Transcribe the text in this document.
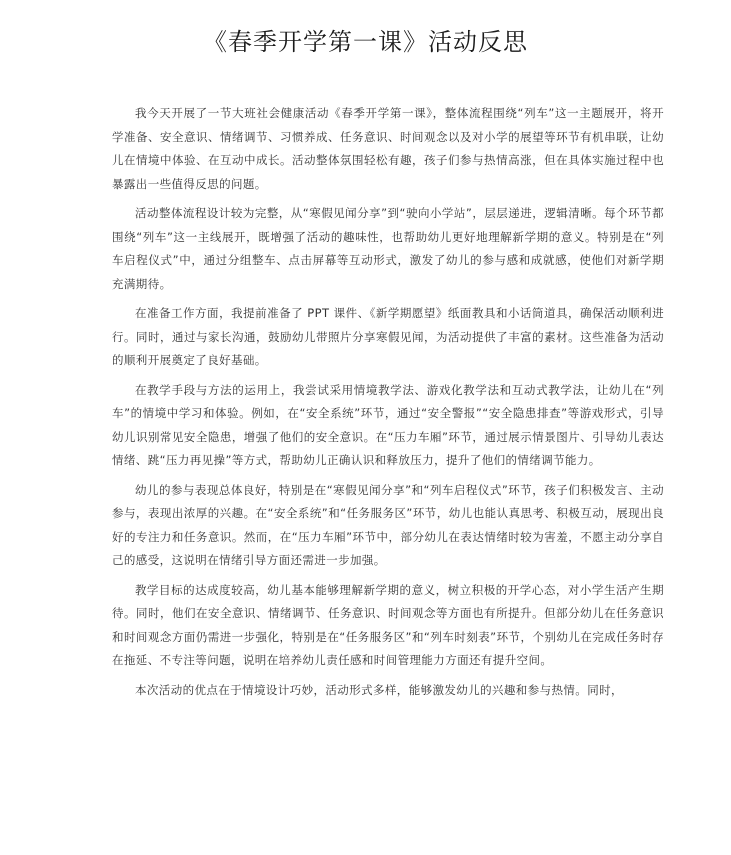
《春季开学第一课》活动反思

我今天开展了一节大班社会健康活动《春季开学第一课》，整体流程围绕“列车”这一主题展开，将开学准备、安全意识、情绪调节、习惯养成、任务意识、时间观念以及对小学的展望等环节有机串联，让幼儿在情境中体验、在互动中成长。活动整体氛围轻松有趣，孩子们参与热情高涨，但在具体实施过程中也暴露出一些值得反思的问题。

活动整体流程设计较为完整，从“寒假见闻分享”到“驶向小学站”，层层递进，逻辑清晰。每个环节都围绕“列车”这一主线展开，既增强了活动的趣味性，也帮助幼儿更好地理解新学期的意义。特别是在“列车启程仪式”中，通过分组整车、点击屏幕等互动形式，激发了幼儿的参与感和成就感，使他们对新学期充满期待。

在准备工作方面，我提前准备了 PPT 课件、《新学期愿望》纸面教具和小话筒道具，确保活动顺利进行。同时，通过与家长沟通，鼓励幼儿带照片分享寒假见闻，为活动提供了丰富的素材。这些准备为活动的顺利开展奠定了良好基础。

在教学手段与方法的运用上，我尝试采用情境教学法、游戏化教学法和互动式教学法，让幼儿在“列车”的情境中学习和体验。例如，在“安全系统”环节，通过“安全警报”“安全隐患排查”等游戏形式，引导幼儿识别常见安全隐患，增强了他们的安全意识。在“压力车厢”环节，通过展示情景图片、引导幼儿表达情绪、跳“压力再见操”等方式，帮助幼儿正确认识和释放压力，提升了他们的情绪调节能力。

幼儿的参与表现总体良好，特别是在“寒假见闻分享”和“列车启程仪式”环节，孩子们积极发言、主动参与，表现出浓厚的兴趣。在“安全系统”和“任务服务区”环节，幼儿也能认真思考、积极互动，展现出良好的专注力和任务意识。然而，在“压力车厢”环节中，部分幼儿在表达情绪时较为害羞，不愿主动分享自己的感受，这说明在情绪引导方面还需进一步加强。

教学目标的达成度较高，幼儿基本能够理解新学期的意义，树立积极的开学心态，对小学生活产生期待。同时，他们在安全意识、情绪调节、任务意识、时间观念等方面也有所提升。但部分幼儿在任务意识和时间观念方面仍需进一步强化，特别是在“任务服务区”和“列车时刻表”环节，个别幼儿在完成任务时存在拖延、不专注等问题，说明在培养幼儿责任感和时间管理能力方面还有提升空间。

本次活动的优点在于情境设计巧妙，活动形式多样，能够激发幼儿的兴趣和参与热情。同时，
